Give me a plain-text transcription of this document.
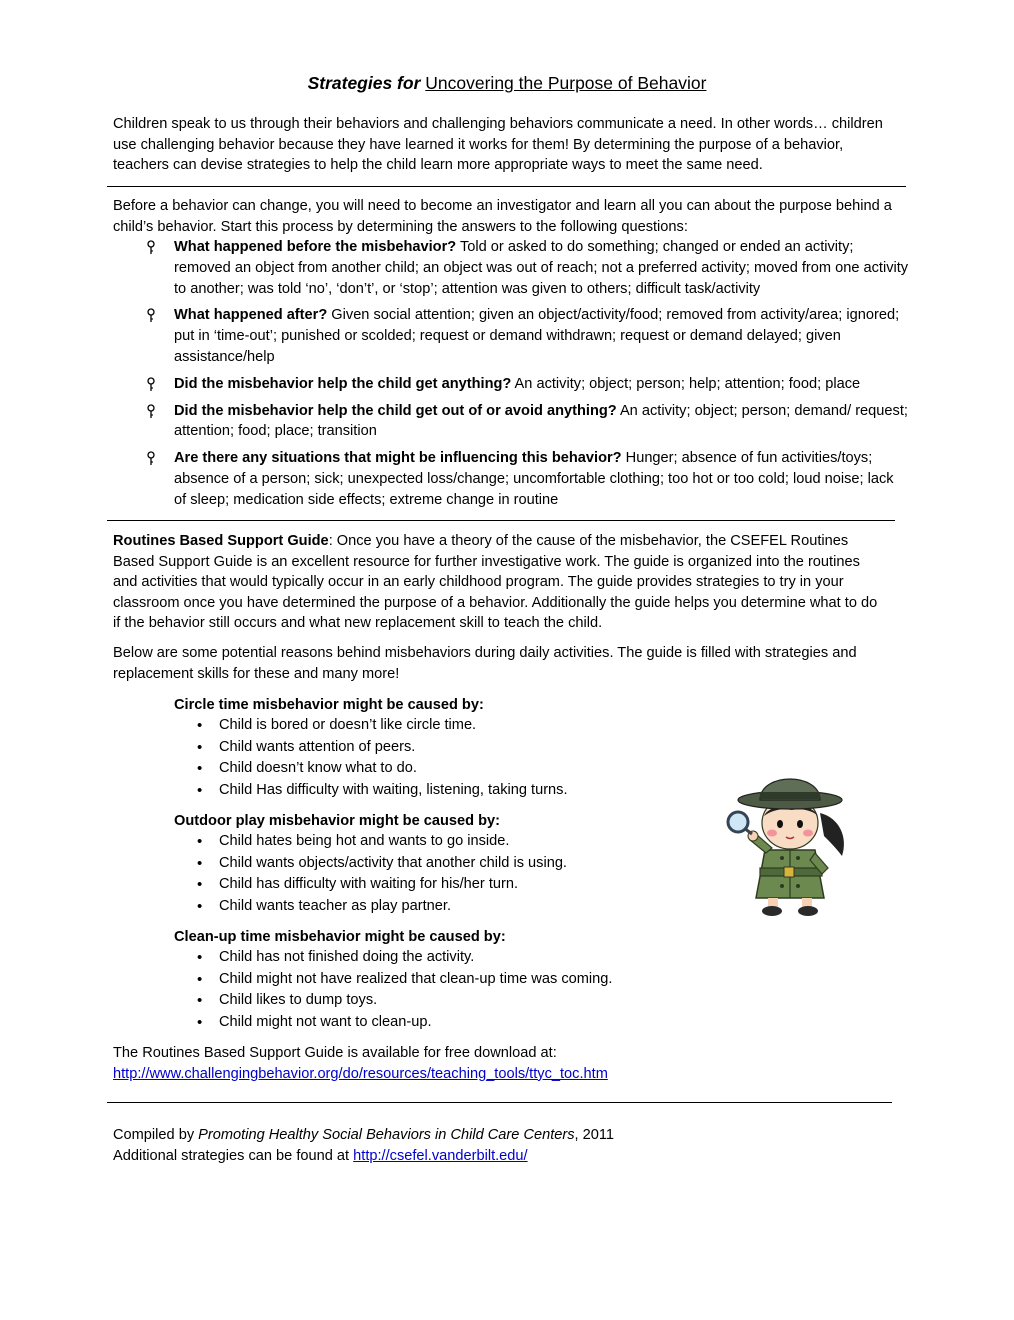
Strategies for Uncovering the Purpose of Behavior
Children speak to us through their behaviors and challenging behaviors communicate a need. In other words… children use challenging behavior because they have learned it works for them! By determining the purpose of a behavior, teachers can devise strategies to help the child learn more appropriate ways to meet the same need.
Before a behavior can change, you will need to become an investigator and learn all you can about the purpose behind a child’s behavior. Start this process by determining the answers to the following questions:
What happened before the misbehavior? Told or asked to do something; changed or ended an activity; removed an object from another child; an object was out of reach; not a preferred activity; moved from one activity to another; was told ‘no’, ‘don’t’, or ‘stop’; attention was given to others; difficult task/activity
What happened after? Given social attention; given an object/activity/food; removed from activity/area; ignored; put in ‘time-out’; punished or scolded; request or demand withdrawn; request or demand delayed; given assistance/help
Did the misbehavior help the child get anything? An activity; object; person; help; attention; food; place
Did the misbehavior help the child get out of or avoid anything? An activity; object; person; demand/ request; attention; food; place; transition
Are there any situations that might be influencing this behavior? Hunger; absence of fun activities/toys; absence of a person; sick; unexpected loss/change; uncomfortable clothing; too hot or too cold; loud noise; lack of sleep; medication side effects; extreme change in routine
Routines Based Support Guide: Once you have a theory of the cause of the misbehavior, the CSEFEL Routines Based Support Guide is an excellent resource for further investigative work. The guide is organized into the routines and activities that would typically occur in an early childhood program. The guide provides strategies to try in your classroom once you have determined the purpose of a behavior. Additionally the guide helps you determine what to do if the behavior still occurs and what new replacement skill to teach the child.
Below are some potential reasons behind misbehaviors during daily activities. The guide is filled with strategies and replacement skills for these and many more!
Circle time misbehavior might be caused by:
• Child is bored or doesn’t like circle time.
• Child wants attention of peers.
• Child doesn’t know what to do.
• Child Has difficulty with waiting, listening, taking turns.
Outdoor play misbehavior might be caused by:
• Child hates being hot and wants to go inside.
• Child wants objects/activity that another child is using.
• Child has difficulty with waiting for his/her turn.
• Child wants teacher as play partner.
Clean-up time misbehavior might be caused by:
• Child has not finished doing the activity.
• Child might not have realized that clean-up time was coming.
• Child likes to dump toys.
• Child might not want to clean-up.
The Routines Based Support Guide is available for free download at:
http://www.challengingbehavior.org/do/resources/teaching_tools/ttyc_toc.htm
Compiled by Promoting Healthy Social Behaviors in Child Care Centers, 2011
Additional strategies can be found at http://csefel.vanderbilt.edu/
